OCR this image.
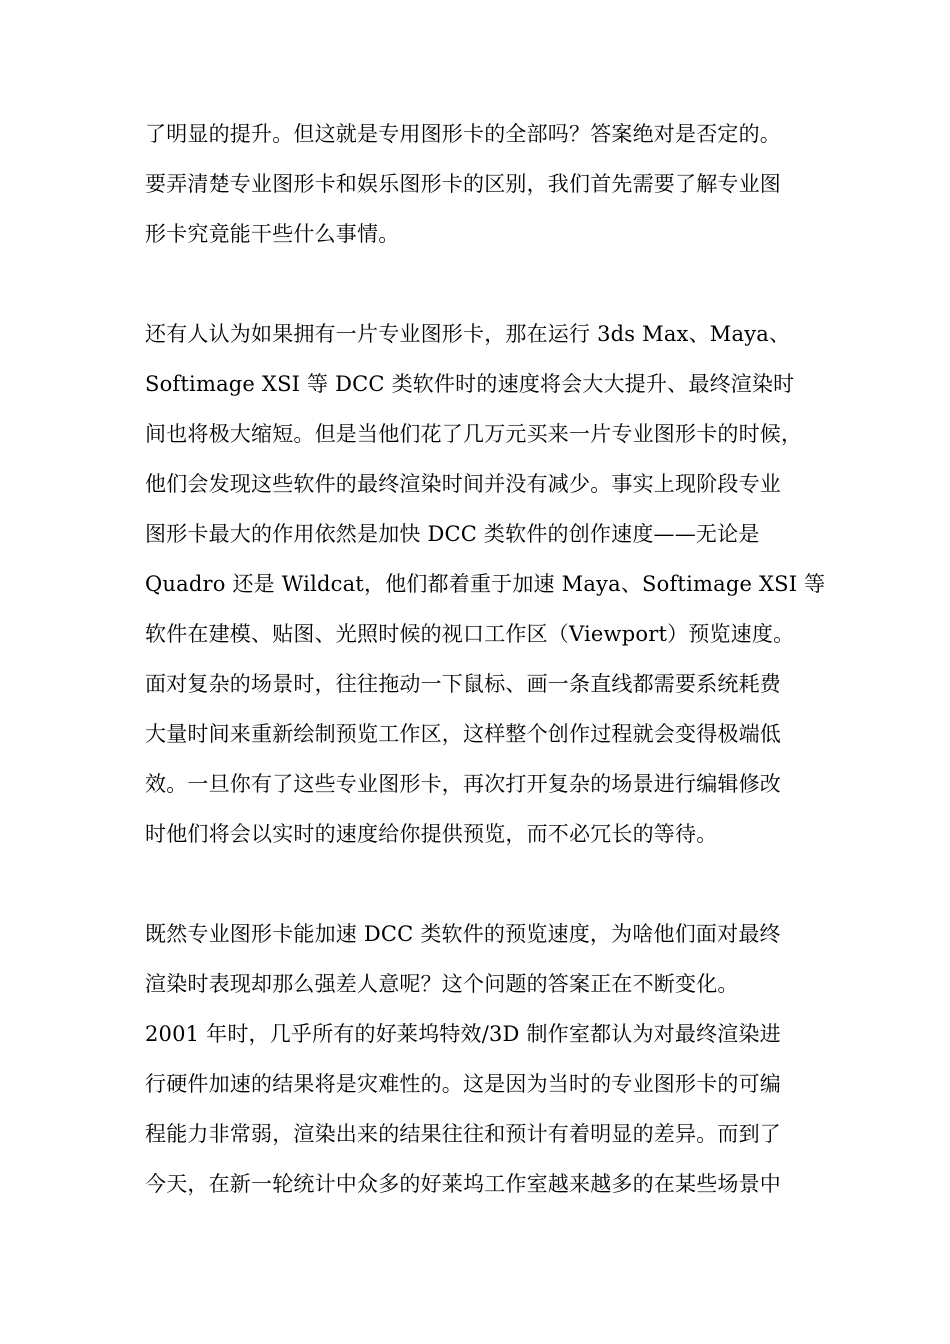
了明显的提升。但这就是专用图形卡的全部吗？答案绝对是否定的。
要弄清楚专业图形卡和娱乐图形卡的区别，我们首先需要了解专业图
形卡究竟能干些什么事情。
还有人认为如果拥有一片专业图形卡，那在运行 3ds Max、Maya、
Softimage XSI 等 DCC 类软件时的速度将会大大提升、最终渲染时
间也将极大缩短。但是当他们花了几万元买来一片专业图形卡的时候，
他们会发现这些软件的最终渲染时间并没有减少。事实上现阶段专业
图形卡最大的作用依然是加快 DCC 类软件的创作速度——无论是
Quadro 还是 Wildcat，他们都着重于加速 Maya、Softimage XSI 等
软件在建模、贴图、光照时候的视口工作区（Viewport）预览速度。
面对复杂的场景时，往往拖动一下鼠标、画一条直线都需要系统耗费
大量时间来重新绘制预览工作区，这样整个创作过程就会变得极端低
效。一旦你有了这些专业图形卡，再次打开复杂的场景进行编辑修改
时他们将会以实时的速度给你提供预览，而不必冗长的等待。
既然专业图形卡能加速 DCC 类软件的预览速度，为啥他们面对最终
渲染时表现却那么强差人意呢？这个问题的答案正在不断变化。
2001 年时，几乎所有的好莱坞特效/3D 制作室都认为对最终渲染进
行硬件加速的结果将是灾难性的。这是因为当时的专业图形卡的可编
程能力非常弱，渲染出来的结果往往和预计有着明显的差异。而到了
今天，在新一轮统计中众多的好莱坞工作室越来越多的在某些场景中
